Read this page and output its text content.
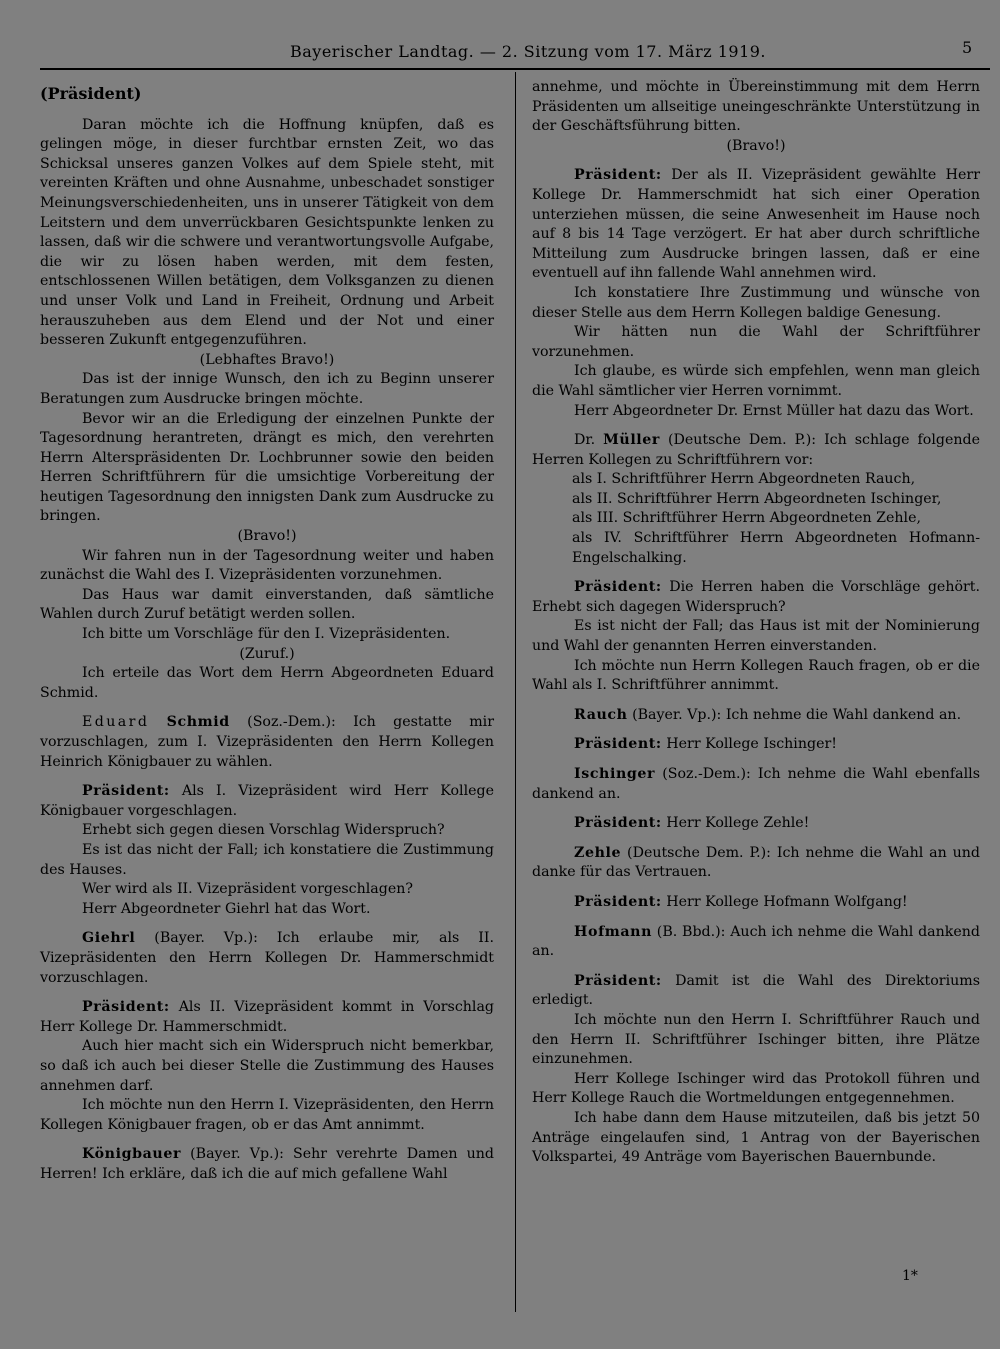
Bayerischer Landtag. — 2. Sitzung vom 17. März 1919.	5

(Präsident)

Daran möchte ich die Hoffnung knüpfen, daß es gelingen möge, in dieser furchtbar ernsten Zeit, wo das Schicksal unseres ganzen Volkes auf dem Spiele steht, mit vereinten Kräften und ohne Ausnahme, unbeschadet sonstiger Meinungsverschiedenheiten, uns in unserer Tätigkeit von dem Leitstern und dem unverrückbaren Gesichtspunkte lenken zu lassen, daß wir die schwere und verantwortungsvolle Aufgabe, die wir zu lösen haben werden, mit dem festen, entschlossenen Willen betätigen, dem Volksganzen zu dienen und unser Volk und Land in Freiheit, Ordnung und Arbeit herauszuheben aus dem Elend und der Not und einer besseren Zukunft entgegenzuführen.

(Lebhaftes Bravo!)

Das ist der innige Wunsch, den ich zu Beginn unserer Beratungen zum Ausdrucke bringen möchte.

Bevor wir an die Erledigung der einzelnen Punkte der Tagesordnung herantreten, drängt es mich, den verehrten Herrn Alterspräsidenten Dr. Lochbrunner sowie den beiden Herren Schriftführern für die umsichtige Vorbereitung der heutigen Tagesordnung den innigsten Dank zum Ausdrucke zu bringen.

(Bravo!)

Wir fahren nun in der Tagesordnung weiter und haben zunächst die Wahl des I. Vizepräsidenten vorzunehmen.

Das Haus war damit einverstanden, daß sämtliche Wahlen durch Zuruf betätigt werden sollen.

Ich bitte um Vorschläge für den I. Vizepräsidenten.

(Zuruf.)

Ich erteile das Wort dem Herrn Abgeordneten Eduard Schmid.

Eduard Schmid (Soz.-Dem.): Ich gestatte mir vorzuschlagen, zum I. Vizepräsidenten den Herrn Kollegen Heinrich Königbauer zu wählen.

Präsident: Als I. Vizepräsident wird Herr Kollege Königbauer vorgeschlagen.

Erhebt sich gegen diesen Vorschlag Widerspruch?

Es ist das nicht der Fall; ich konstatiere die Zustimmung des Hauses.

Wer wird als II. Vizepräsident vorgeschlagen?

Herr Abgeordneter Giehrl hat das Wort.

Giehrl (Bayer. Vp.): Ich erlaube mir, als II. Vizepräsidenten den Herrn Kollegen Dr. Hammerschmidt vorzuschlagen.

Präsident: Als II. Vizepräsident kommt in Vorschlag Herr Kollege Dr. Hammerschmidt.

Auch hier macht sich ein Widerspruch nicht bemerkbar, so daß ich auch bei dieser Stelle die Zustimmung des Hauses annehmen darf.

Ich möchte nun den Herrn I. Vizepräsidenten, den Herrn Kollegen Königbauer fragen, ob er das Amt annimmt.

Königbauer (Bayer. Vp.): Sehr verehrte Damen und Herren! Ich erkläre, daß ich die auf mich gefallene Wahl

annehme, und möchte in Übereinstimmung mit dem Herrn Präsidenten um allseitige uneingeschränkte Unterstützung in der Geschäftsführung bitten.

(Bravo!)

Präsident: Der als II. Vizepräsident gewählte Herr Kollege Dr. Hammerschmidt hat sich einer Operation unterziehen müssen, die seine Anwesenheit im Hause noch auf 8 bis 14 Tage verzögert. Er hat aber durch schriftliche Mitteilung zum Ausdrucke bringen lassen, daß er eine eventuell auf ihn fallende Wahl annehmen wird.

Ich konstatiere Ihre Zustimmung und wünsche von dieser Stelle aus dem Herrn Kollegen baldige Genesung.

Wir hätten nun die Wahl der Schriftführer vorzunehmen.

Ich glaube, es würde sich empfehlen, wenn man gleich die Wahl sämtlicher vier Herren vornimmt.

Herr Abgeordneter Dr. Ernst Müller hat dazu das Wort.

Dr. Müller (Deutsche Dem. P.): Ich schlage folgende Herren Kollegen zu Schriftführern vor:

als I. Schriftführer Herrn Abgeordneten Rauch,

als II. Schriftführer Herrn Abgeordneten Ischinger,

als III. Schriftführer Herrn Abgeordneten Zehle,

als IV. Schriftführer Herrn Abgeordneten Hofmann-Engelschalking.

Präsident: Die Herren haben die Vorschläge gehört. Erhebt sich dagegen Widerspruch?

Es ist nicht der Fall; das Haus ist mit der Nominierung und Wahl der genannten Herren einverstanden.

Ich möchte nun Herrn Kollegen Rauch fragen, ob er die Wahl als I. Schriftführer annimmt.

Rauch (Bayer. Vp.): Ich nehme die Wahl dankend an.

Präsident: Herr Kollege Ischinger!

Ischinger (Soz.-Dem.): Ich nehme die Wahl ebenfalls dankend an.

Präsident: Herr Kollege Zehle!

Zehle (Deutsche Dem. P.): Ich nehme die Wahl an und danke für das Vertrauen.

Präsident: Herr Kollege Hofmann Wolfgang!

Hofmann (B. Bbd.): Auch ich nehme die Wahl dankend an.

Präsident: Damit ist die Wahl des Direktoriums erledigt.

Ich möchte nun den Herrn I. Schriftführer Rauch und den Herrn II. Schriftführer Ischinger bitten, ihre Plätze einzunehmen.

Herr Kollege Ischinger wird das Protokoll führen und Herr Kollege Rauch die Wortmeldungen entgegennehmen.

Ich habe dann dem Hause mitzuteilen, daß bis jetzt 50 Anträge eingelaufen sind, 1 Antrag von der Bayerischen Volkspartei, 49 Anträge vom Bayerischen Bauernbunde.

1*
